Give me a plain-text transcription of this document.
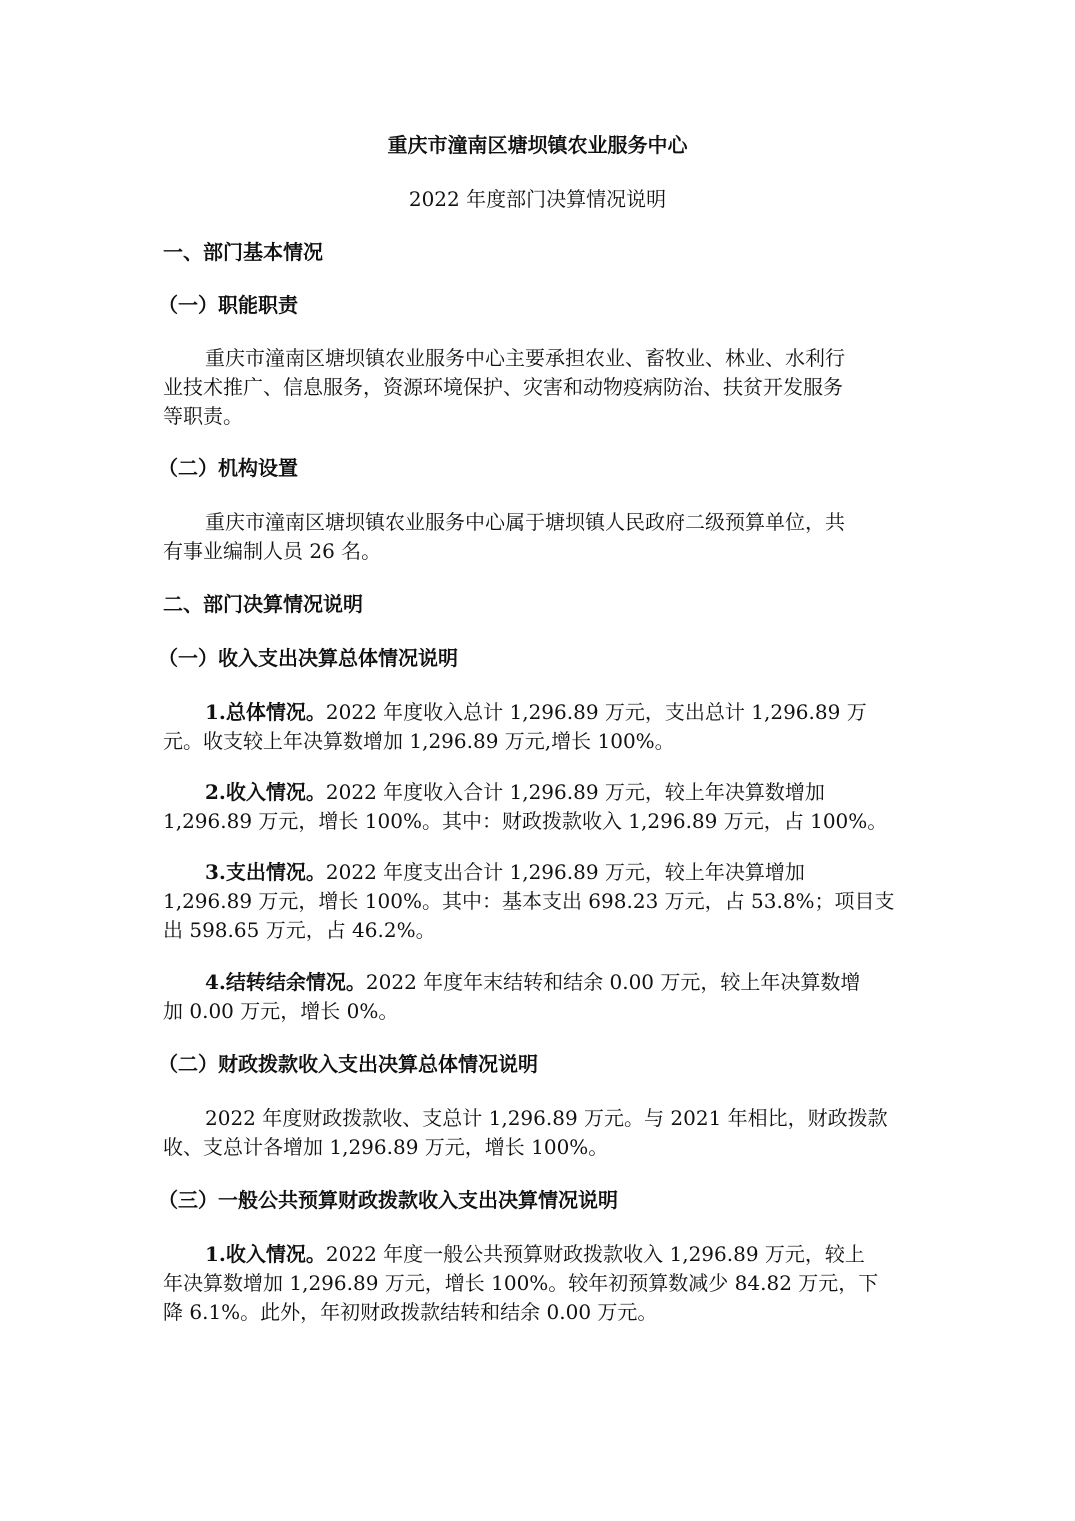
重庆市潼南区塘坝镇农业服务中心
2022 年度部门决算情况说明
一、部门基本情况
（一）职能职责
重庆市潼南区塘坝镇农业服务中心主要承担农业、畜牧业、林业、水利行
业技术推广、信息服务，资源环境保护、灾害和动物疫病防治、扶贫开发服务
等职责。
（二）机构设置
重庆市潼南区塘坝镇农业服务中心属于塘坝镇人民政府二级预算单位，共
有事业编制人员 26 名。
二、部门决算情况说明
（一）收入支出决算总体情况说明
1.总体情况。2022 年度收入总计 1,296.89 万元，支出总计 1,296.89 万
元。收支较上年决算数增加 1,296.89 万元,增长 100%。
2.收入情况。2022 年度收入合计 1,296.89 万元，较上年决算数增加
1,296.89 万元，增长 100%。其中：财政拨款收入 1,296.89 万元，占 100%。
3.支出情况。2022 年度支出合计 1,296.89 万元，较上年决算增加
1,296.89 万元，增长 100%。其中：基本支出 698.23 万元，占 53.8%；项目支
出 598.65 万元，占 46.2%。
4.结转结余情况。2022 年度年末结转和结余 0.00 万元，较上年决算数增
加 0.00 万元，增长 0%。
（二）财政拨款收入支出决算总体情况说明
2022 年度财政拨款收、支总计 1,296.89 万元。与 2021 年相比，财政拨款
收、支总计各增加 1,296.89 万元，增长 100%。
（三）一般公共预算财政拨款收入支出决算情况说明
1.收入情况。2022 年度一般公共预算财政拨款收入 1,296.89 万元，较上
年决算数增加 1,296.89 万元，增长 100%。较年初预算数减少 84.82 万元，下
降 6.1%。此外，年初财政拨款结转和结余 0.00 万元。
